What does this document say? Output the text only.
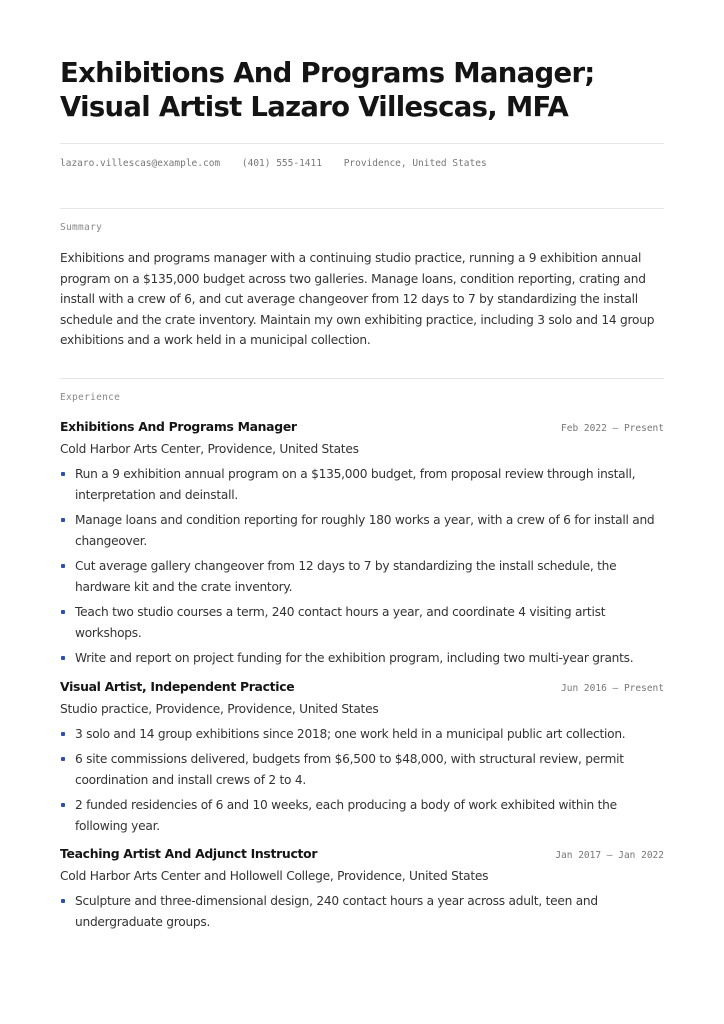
Exhibitions And Programs Manager; Visual Artist Lazaro Villescas, MFA
lazaro.villescas@example.com (401) 555-1411 Providence, United States
Summary

Exhibitions and programs manager with a continuing studio practice, running a 9 exhibition annual program on a $135,000 budget across two galleries. Manage loans, condition reporting, crating and install with a crew of 6, and cut average changeover from 12 days to 7 by standardizing the install schedule and the crate inventory. Maintain my own exhibiting practice, including 3 solo and 14 group exhibitions and a work held in a municipal collection.

Experience
Exhibitions And Programs Manager	Feb 2022 — Present
Cold Harbor Arts Center, Providence, United States
Run a 9 exhibition annual program on a $135,000 budget, from proposal review through install, interpretation and deinstall.
Manage loans and condition reporting for roughly 180 works a year, with a crew of 6 for install and changeover.
Cut average gallery changeover from 12 days to 7 by standardizing the install schedule, the hardware kit and the crate inventory.
Teach two studio courses a term, 240 contact hours a year, and coordinate 4 visiting artist workshops.
Write and report on project funding for the exhibition program, including two multi-year grants.
Visual Artist, Independent Practice	Jun 2016 — Present
Studio practice, Providence, Providence, United States
3 solo and 14 group exhibitions since 2018; one work held in a municipal public art collection.
6 site commissions delivered, budgets from $6,500 to $48,000, with structural review, permit coordination and install crews of 2 to 4.
2 funded residencies of 6 and 10 weeks, each producing a body of work exhibited within the following year.
Teaching Artist And Adjunct Instructor	Jan 2017 — Jan 2022
Cold Harbor Arts Center and Hollowell College, Providence, United States
Sculpture and three-dimensional design, 240 contact hours a year across adult, teen and undergraduate groups.
